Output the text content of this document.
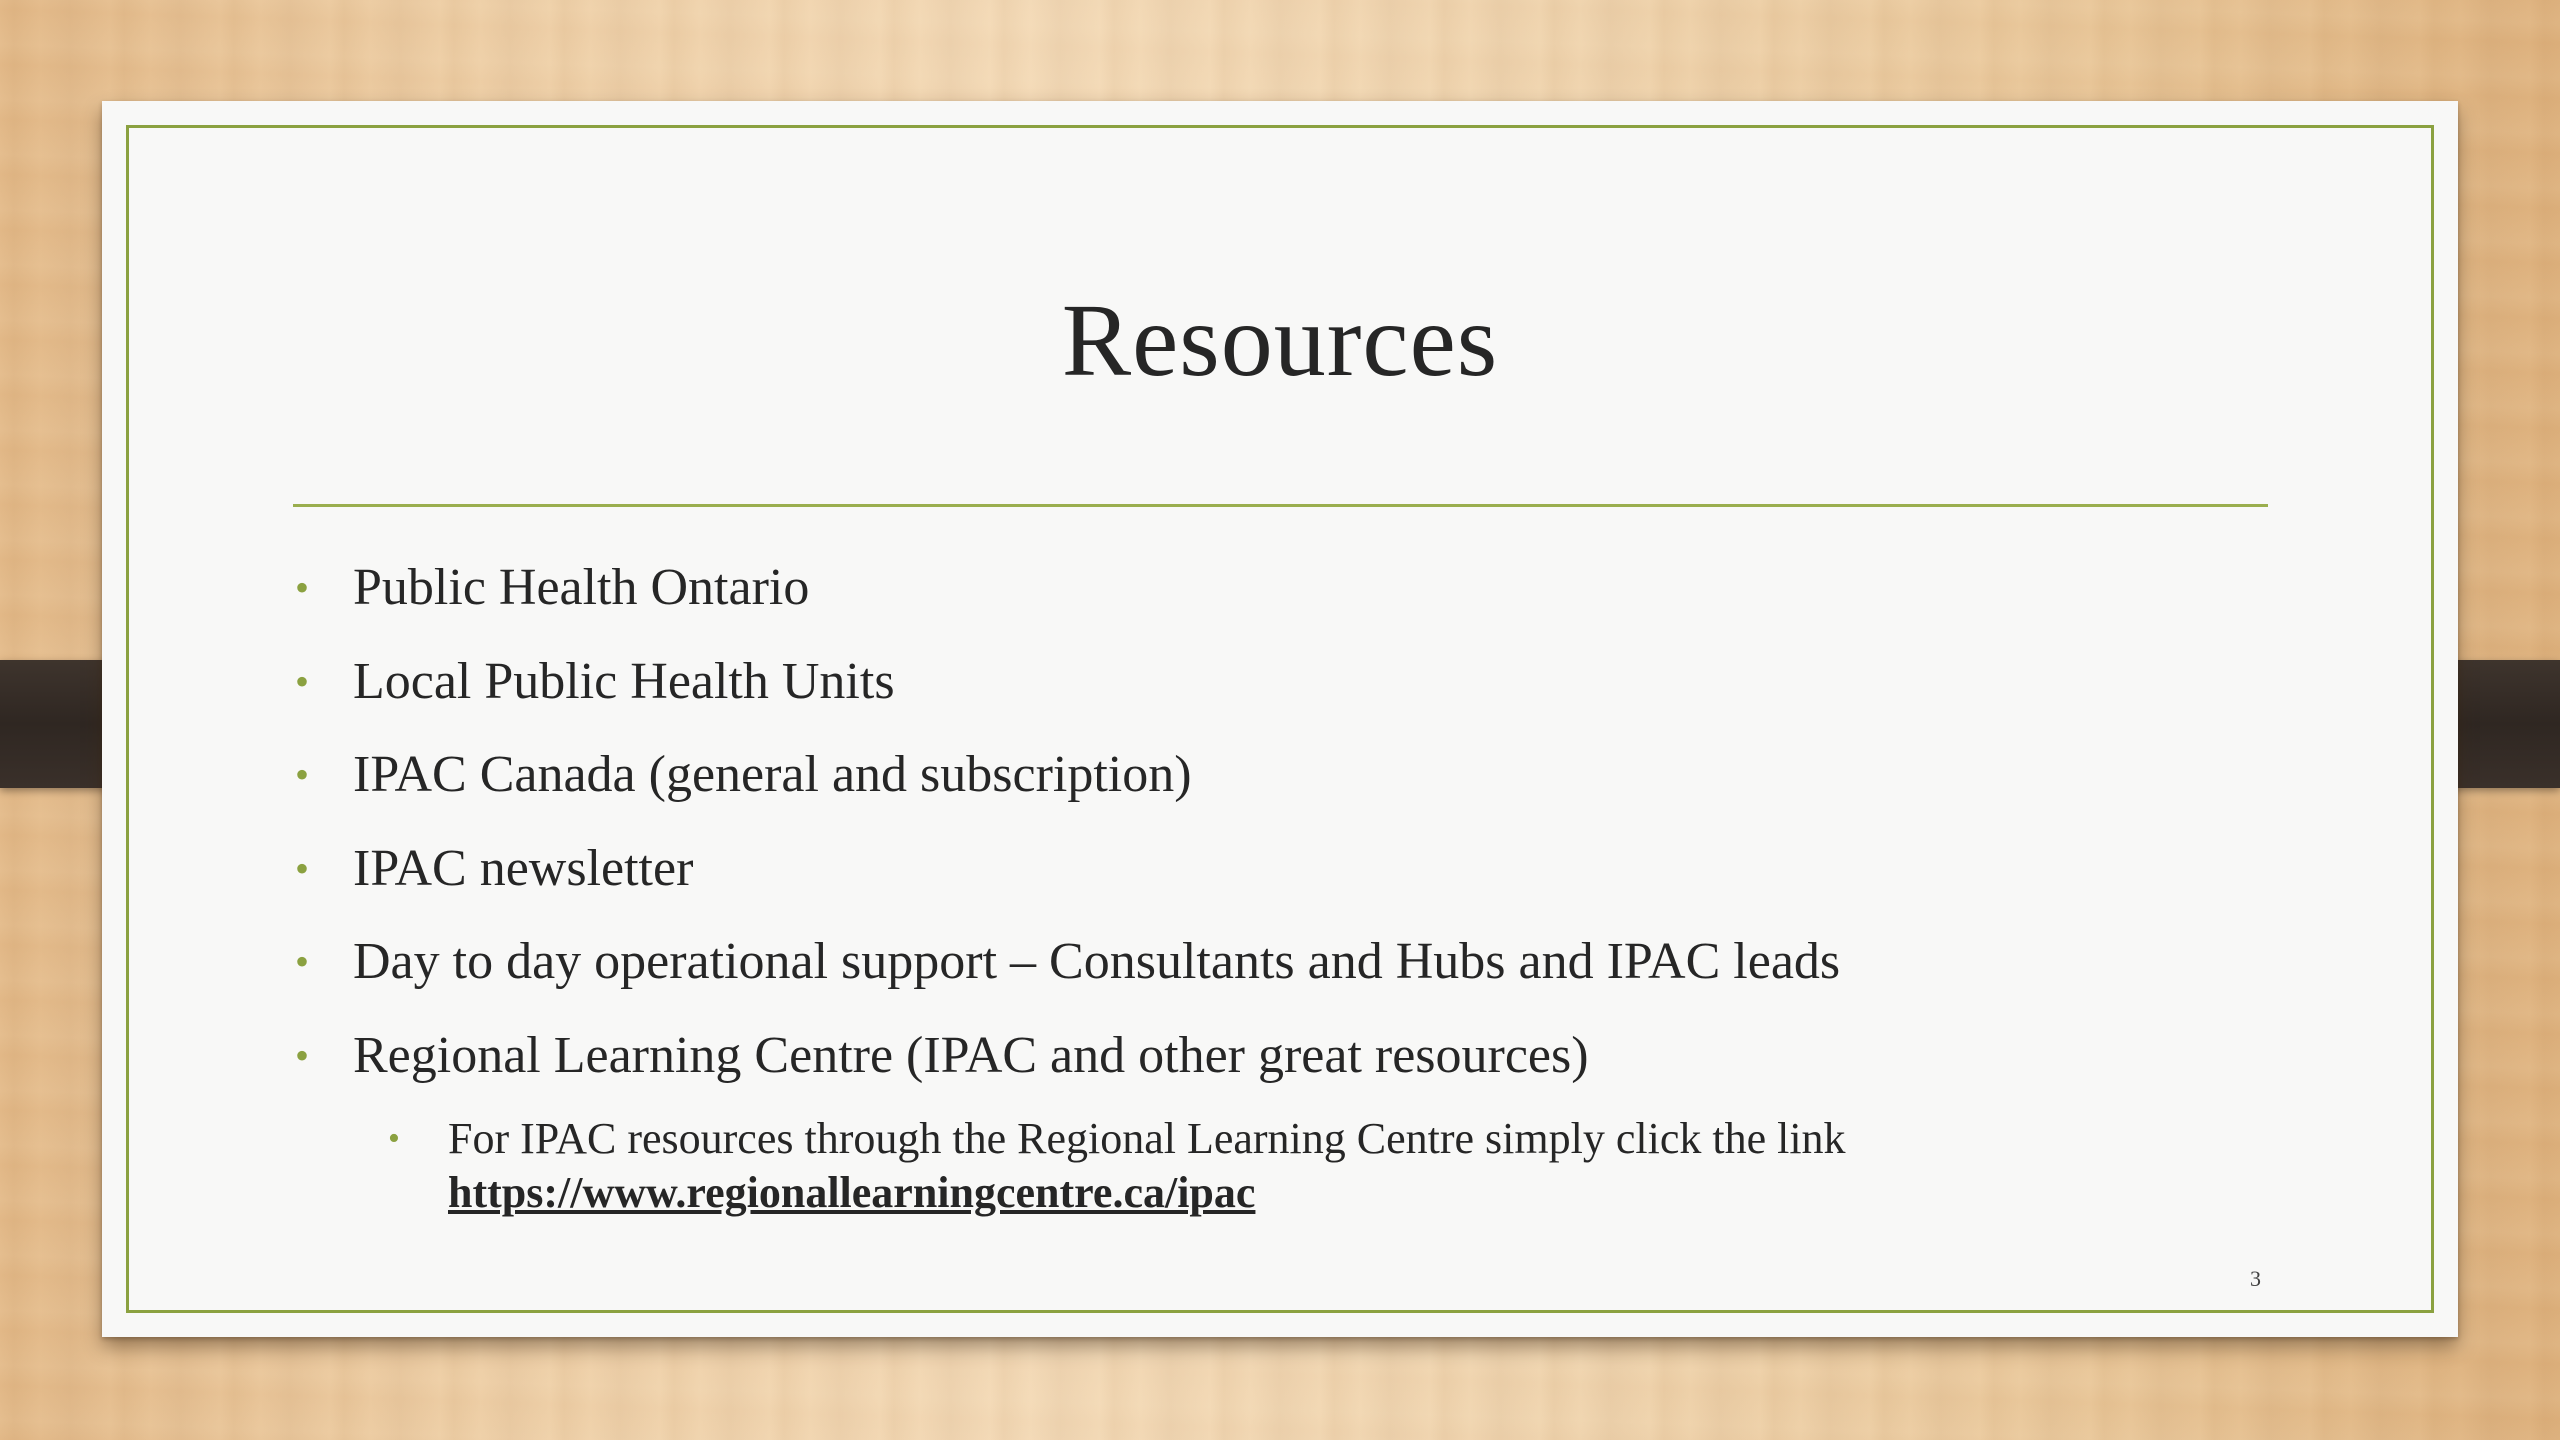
Resources
• Public Health Ontario
• Local Public Health Units
• IPAC Canada (general and subscription)
• IPAC newsletter
• Day to day operational support – Consultants and Hubs and IPAC leads
• Regional Learning Centre (IPAC and other great resources)
• For IPAC resources through the Regional Learning Centre simply click the link https://www.regionallearningcentre.ca/ipac
3
